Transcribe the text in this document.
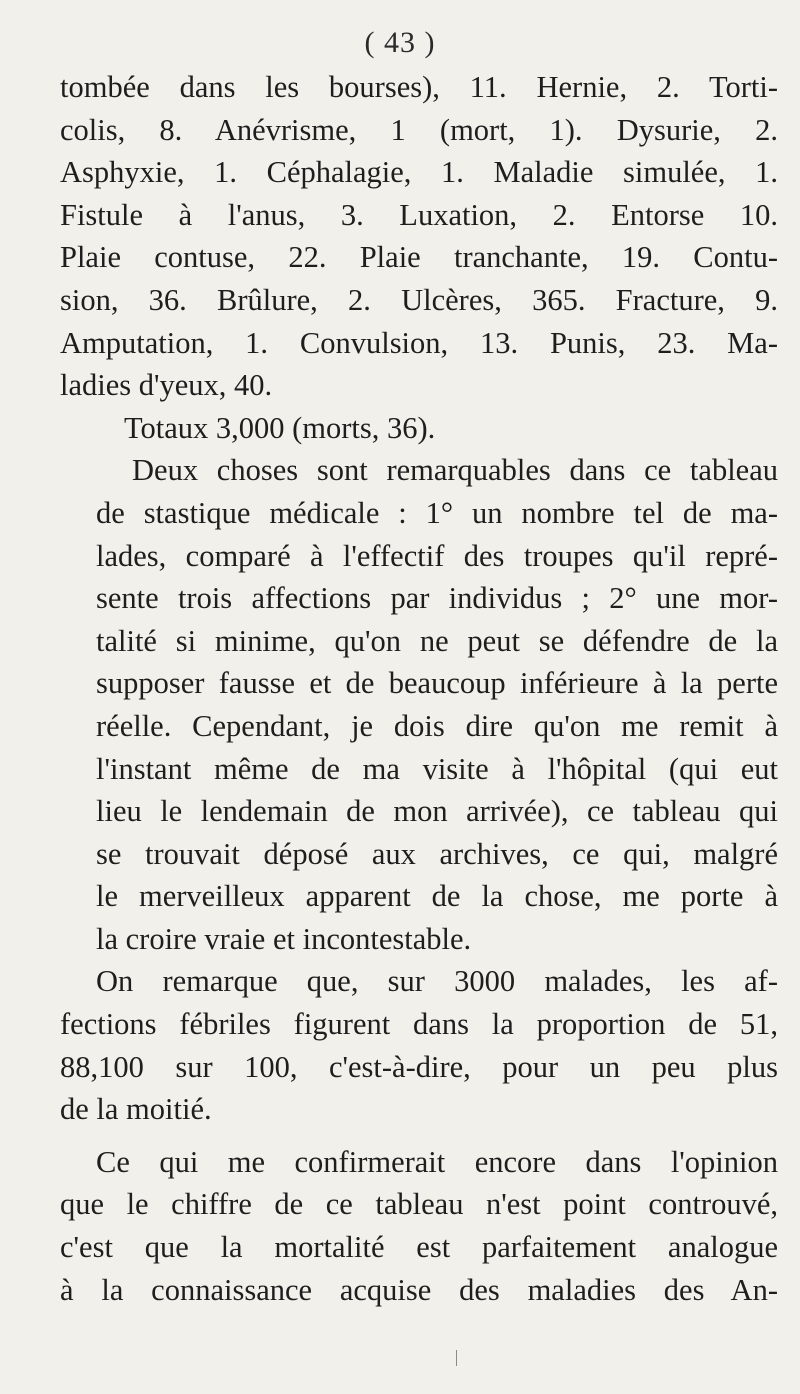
( 43 )

tombée dans les bourses), 11. Hernie, 2. Torti-
colis, 8. Anévrisme, 1 (mort, 1). Dysurie, 2.
Asphyxie, 1. Céphalagie, 1. Maladie simulée, 1.
Fistule à l'anus, 3. Luxation, 2. Entorse 10.
Plaie contuse, 22. Plaie tranchante, 19. Contu-
sion, 36. Brûlure, 2. Ulcères, 365. Fracture, 9.
Amputation, 1. Convulsion, 13. Punis, 23. Ma-
ladies d'yeux, 40.

Totaux 3,000 (morts, 36).

Deux choses sont remarquables dans ce tableau
de stastique médicale : 1° un nombre tel de ma-
lades, comparé à l'effectif des troupes qu'il repré-
sente trois affections par individus ; 2° une mor-
talité si minime, qu'on ne peut se défendre de la
supposer fausse et de beaucoup inférieure à la perte
réelle. Cependant, je dois dire qu'on me remit à
l'instant même de ma visite à l'hôpital (qui eut
lieu le lendemain de mon arrivée), ce tableau qui
se trouvait déposé aux archives, ce qui, malgré
le merveilleux apparent de la chose, me porte à
la croire vraie et incontestable.

On remarque que, sur 3000 malades, les af-
fections fébriles figurent dans la proportion de 51,
88,100 sur 100, c'est-à-dire, pour un peu plus
de la moitié.

Ce qui me confirmerait encore dans l'opinion
que le chiffre de ce tableau n'est point controuvé,
c'est que la mortalité est parfaitement analogue
à la connaissance acquise des maladies des An-
